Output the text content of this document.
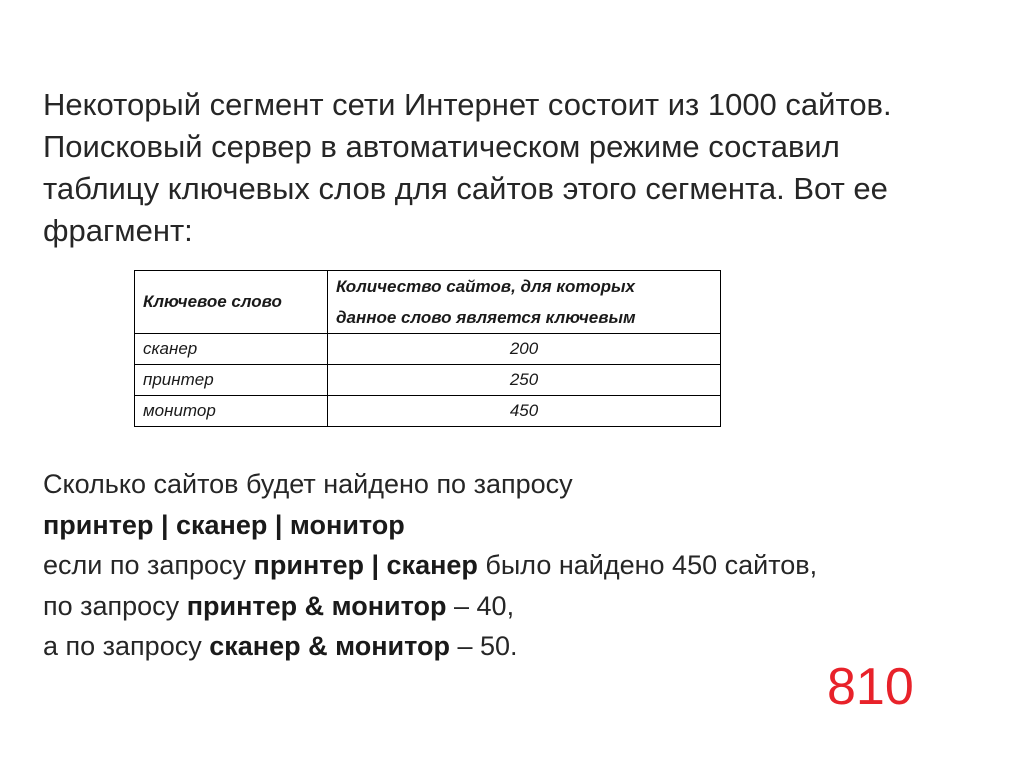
Некоторый сегмент сети Интернет состоит из 1000 сайтов.
Поисковый сервер в автоматическом режиме составил
таблицу ключевых слов для сайтов этого сегмента. Вот ее
фрагмент:

Ключевое слово	Количество сайтов, для которых
данное слово является ключевым
сканер	200
принтер	250
монитор	450

Сколько сайтов будет найдено по запросу
принтер | сканер | монитор
если по запросу принтер | сканер было найдено 450 сайтов,
по запросу принтер & монитор – 40,
а по запросу сканер & монитор – 50.

810
